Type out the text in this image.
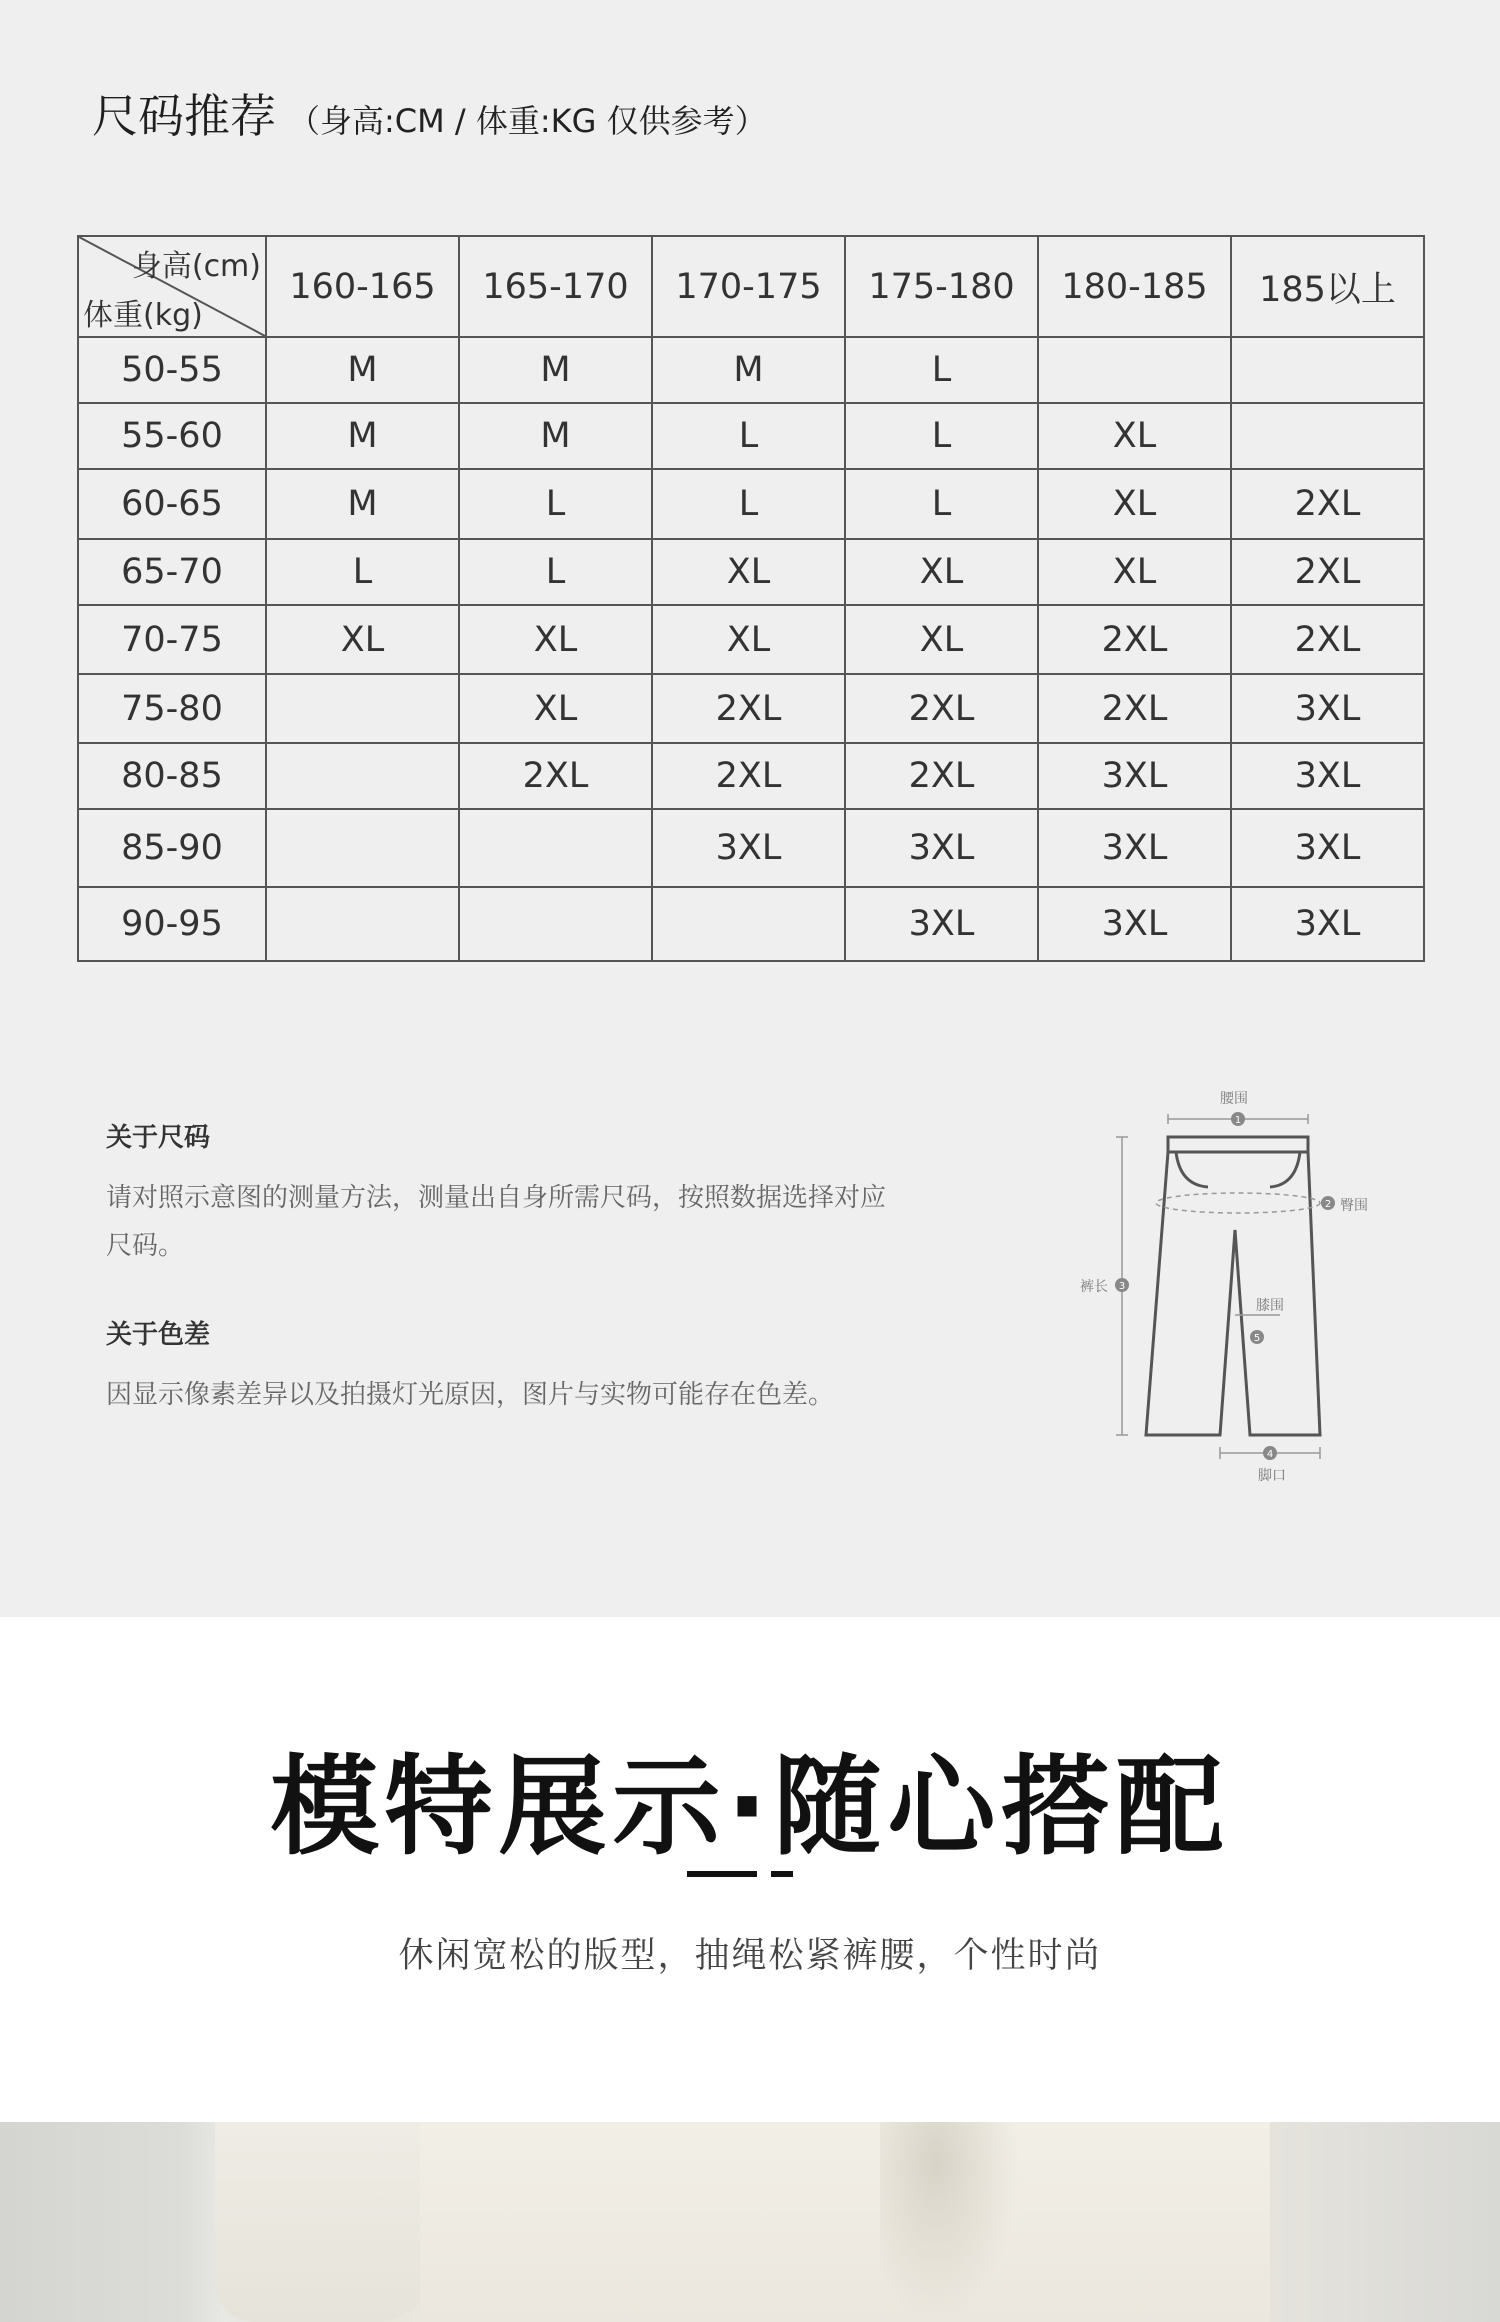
尺码推荐 （身高:CM / 体重:KG 仅供参考）
身高(cm)
体重(kg)	160-165	165-170	170-175	175-180	180-185	185以上
50-55	M	M	M	L		
55-60	M	M	L	L	XL	
60-65	M	L	L	L	XL	2XL
65-70	L	L	XL	XL	XL	2XL
70-75	XL	XL	XL	XL	2XL	2XL
75-80		XL	2XL	2XL	2XL	3XL
80-85		2XL	2XL	2XL	3XL	3XL
85-90			3XL	3XL	3XL	3XL
90-95				3XL	3XL	3XL

关于尺码

请对照示意图的测量方法，测量出自身所需尺码，按照数据选择对应尺码。

关于色差

因显示像素差异以及拍摄灯光原因，图片与实物可能存在色差。

1
2
3
4
5
腰围
臀围
裤长
膝围
脚口
模特展示·随心搭配
休闲宽松的版型，抽绳松紧裤腰，个性时尚
